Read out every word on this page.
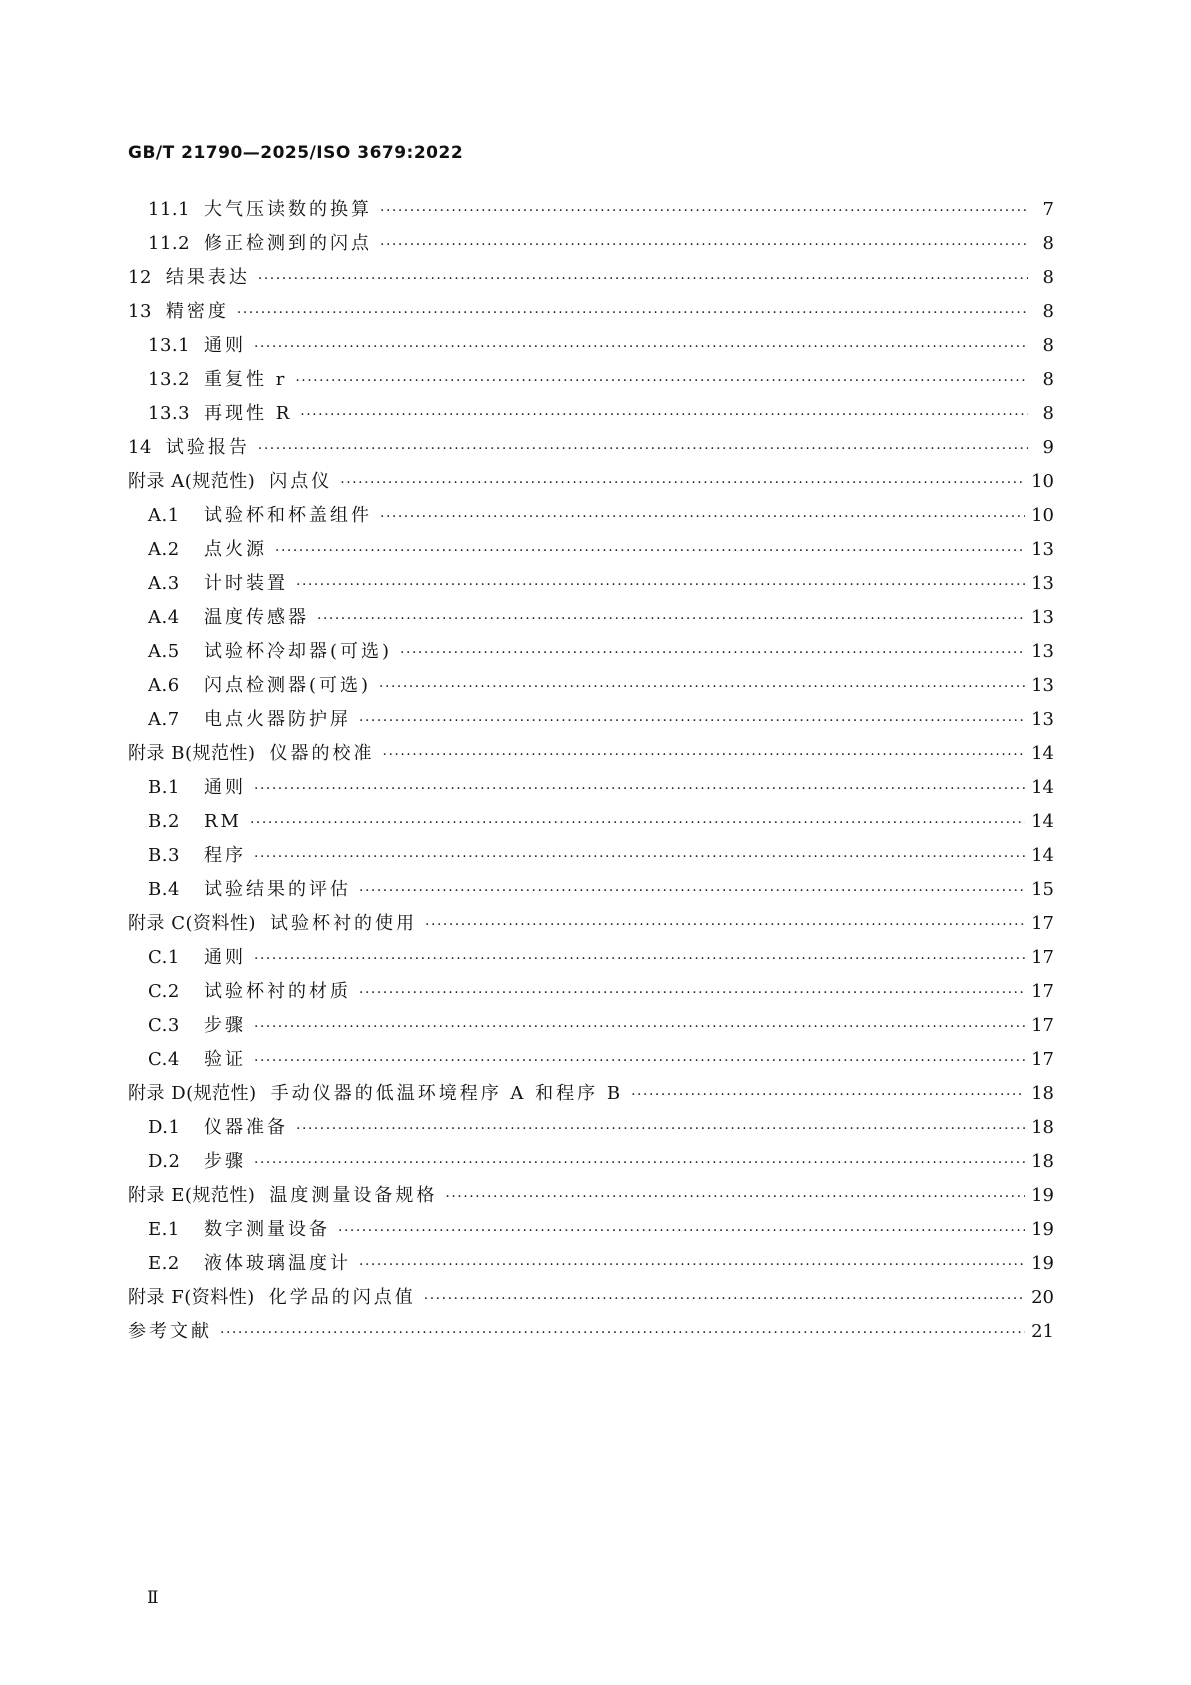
GB/T 21790—2025/ISO 3679:2022
11.1 大气压读数的换算 ·····	7
11.2 修正检测到的闪点 ·····	8
12 结果表达 ·····	8
13 精密度 ·····	8
13.1 通则 ·····	8
13.2 重复性 r ·····	8
13.3 再现性 R ·····	8
14 试验报告 ·····	9
附录 A(规范性) 闪点仪 ·····	10
A.1	试验杯和杯盖组件 ·····	10
A.2	点火源 ·····	13
A.3	计时装置 ·····	13
A.4	温度传感器 ·····	13
A.5	试验杯冷却器(可选) ·····	13
A.6	闪点检测器(可选) ·····	13
A.7	电点火器防护屏 ·····	13
附录 B(规范性) 仪器的校准 ·····	14
B.1	通则 ·····	14
B.2	RM ·····	14
B.3	程序 ·····	14
B.4	试验结果的评估 ·····	15
附录 C(资料性) 试验杯衬的使用 ·····	17
C.1	通则 ·····	17
C.2	试验杯衬的材质 ·····	17
C.3	步骤 ·····	17
C.4	验证 ·····	17
附录 D(规范性) 手动仪器的低温环境程序 A 和程序 B ·····	18
D.1	仪器准备 ·····	18
D.2	步骤 ·····	18
附录 E(规范性) 温度测量设备规格 ·····	19
E.1	数字测量设备 ·····	19
E.2	液体玻璃温度计 ·····	19
附录 F(资料性) 化学品的闪点值 ·····	20
参考文献 ·····	21
Ⅱ
